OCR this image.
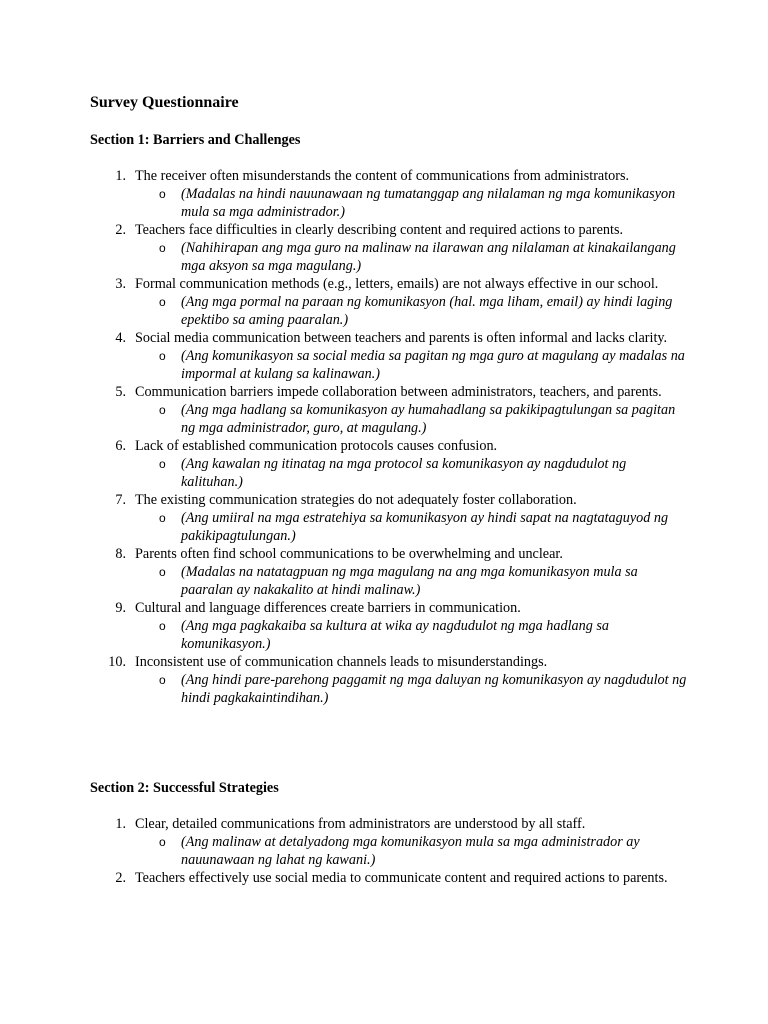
Survey Questionnaire
Section 1: Barriers and Challenges
1. The receiver often misunderstands the content of communications from administrators.
o (Madalas na hindi nauunawaan ng tumatanggap ang nilalaman ng mga komunikasyon mula sa mga administrador.)
2. Teachers face difficulties in clearly describing content and required actions to parents.
o (Nahihirapan ang mga guro na malinaw na ilarawan ang nilalaman at kinakailangang mga aksyon sa mga magulang.)
3. Formal communication methods (e.g., letters, emails) are not always effective in our school.
o (Ang mga pormal na paraan ng komunikasyon (hal. mga liham, email) ay hindi laging epektibo sa aming paaralan.)
4. Social media communication between teachers and parents is often informal and lacks clarity.
o (Ang komunikasyon sa social media sa pagitan ng mga guro at magulang ay madalas na impormal at kulang sa kalinawan.)
5. Communication barriers impede collaboration between administrators, teachers, and parents.
o (Ang mga hadlang sa komunikasyon ay humahadlang sa pakikipagtulungan sa pagitan ng mga administrador, guro, at magulang.)
6. Lack of established communication protocols causes confusion.
o (Ang kawalan ng itinatag na mga protocol sa komunikasyon ay nagdudulot ng kalituhan.)
7. The existing communication strategies do not adequately foster collaboration.
o (Ang umiiral na mga estratehiya sa komunikasyon ay hindi sapat na nagtataguyod ng pakikipagtulungan.)
8. Parents often find school communications to be overwhelming and unclear.
o (Madalas na natatagpuan ng mga magulang na ang mga komunikasyon mula sa paaralan ay nakakalito at hindi malinaw.)
9. Cultural and language differences create barriers in communication.
o (Ang mga pagkakaiba sa kultura at wika ay nagdudulot ng mga hadlang sa komunikasyon.)
10. Inconsistent use of communication channels leads to misunderstandings.
o (Ang hindi pare-parehong paggamit ng mga daluyan ng komunikasyon ay nagdudulot ng hindi pagkakaintindihan.)
Section 2: Successful Strategies
1. Clear, detailed communications from administrators are understood by all staff.
o (Ang malinaw at detalyadong mga komunikasyon mula sa mga administrador ay nauunawaan ng lahat ng kawani.)
2. Teachers effectively use social media to communicate content and required actions to parents.
